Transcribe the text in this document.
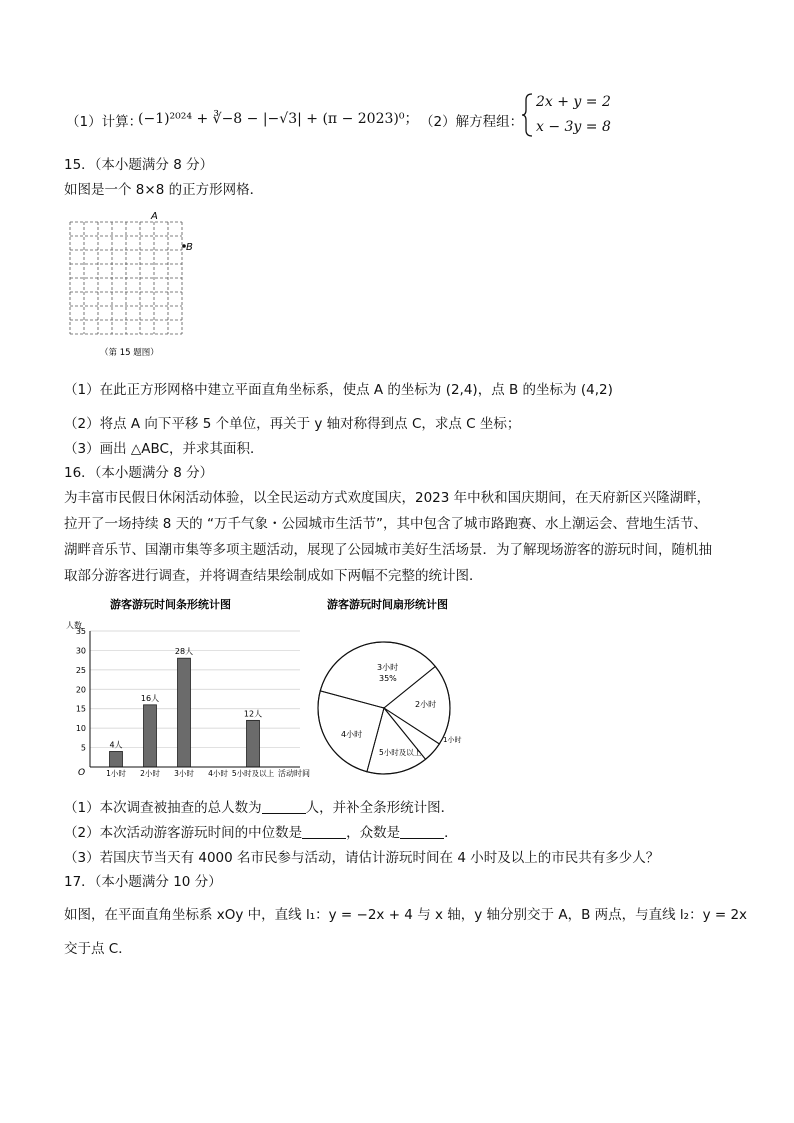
（1）计算：
(−1)²⁰²⁴ + ∛−8 − |−√3| + (π − 2023)⁰； （2）解方程组：
2x + y = 2
x − 3y = 8
15．（本小题满分 8 分）
如图是一个 8×8 的正方形网格．
A
B
（第 15 题图）
（1）在此正方形网格中建立平面直角坐标系，使点 A 的坐标为 (2,4)，点 B 的坐标为 (4,2)
（2）将点 A 向下平移 5 个单位，再关于 y 轴对称得到点 C，求点 C 坐标；
（3）画出 △ABC，并求其面积．
16．（本小题满分 8 分）
为丰富市民假日休闲活动体验，以全民运动方式欢度国庆，2023 年中秋和国庆期间，在天府新区兴隆湖畔，
拉开了一场持续 8 天的 “万千气象・公园城市生活节”，其中包含了城市路跑赛、水上潮运会、营地生活节、
湖畔音乐节、国潮市集等多项主题活动，展现了公园城市美好生活场景．为了解现场游客的游玩时间，随机抽
取部分游客进行调查，并将调查结果绘制成如下两幅不完整的统计图．
游客游玩时间条形统计图
人数
5
10
15
20
25
30
35
4人
16人
28人
12人
1小时 2小时 3小时 4小时 5小时及以上
O	活动时间
游客游玩时间扇形统计图
3小时
35%
2小时
1小时
5小时及以上
4小时
（1）本次调查被抽查的总人数为	人，并补全条形统计图．
（2）本次活动游客游玩时间的中位数是	，众数是	．
（3）若国庆节当天有 4000 名市民参与活动，请估计游玩时间在 4 小时及以上的市民共有多少人？
17．（本小题满分 10 分）
如图，在平面直角坐标系 xOy 中，直线 l₁：y = −2x + 4 与 x 轴，y 轴分别交于 A，B 两点，与直线 l₂：y = 2x
交于点 C．
